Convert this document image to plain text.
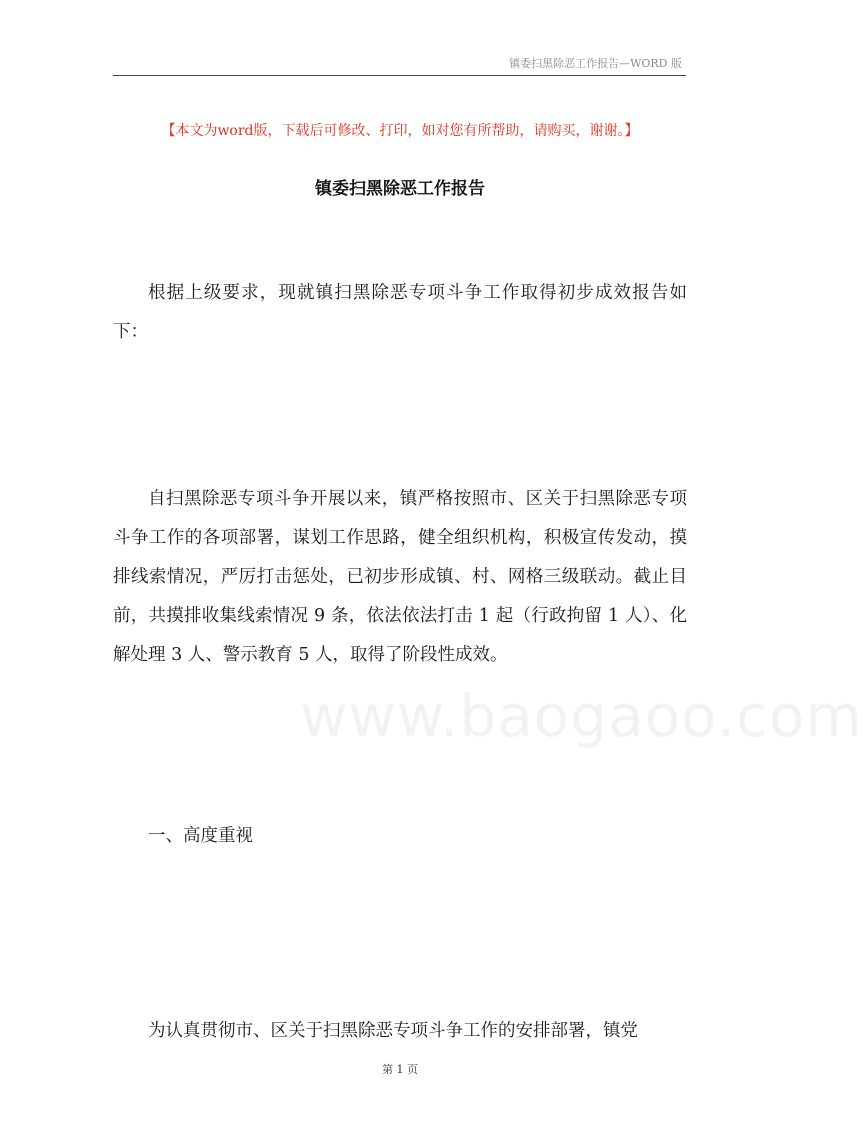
镇委扫黑除恶工作报告—WORD 版
【本文为word版，下载后可修改、打印，如对您有所帮助，请购买，谢谢。】
镇委扫黑除恶工作报告
根据上级要求，现就镇扫黑除恶专项斗争工作取得初步成效报告如下：
自扫黑除恶专项斗争开展以来，镇严格按照市、区关于扫黑除恶专项斗争工作的各项部署，谋划工作思路，健全组织机构，积极宣传发动，摸排线索情况，严厉打击惩处，已初步形成镇、村、网格三级联动。截止目前，共摸排收集线索情况 9 条，依法依法打击 1 起（行政拘留 1 人）、化解处理 3 人、警示教育 5 人，取得了阶段性成效。
www.baogaoo.com
一、高度重视
为认真贯彻市、区关于扫黑除恶专项斗争工作的安排部署，镇党
第 1 页
